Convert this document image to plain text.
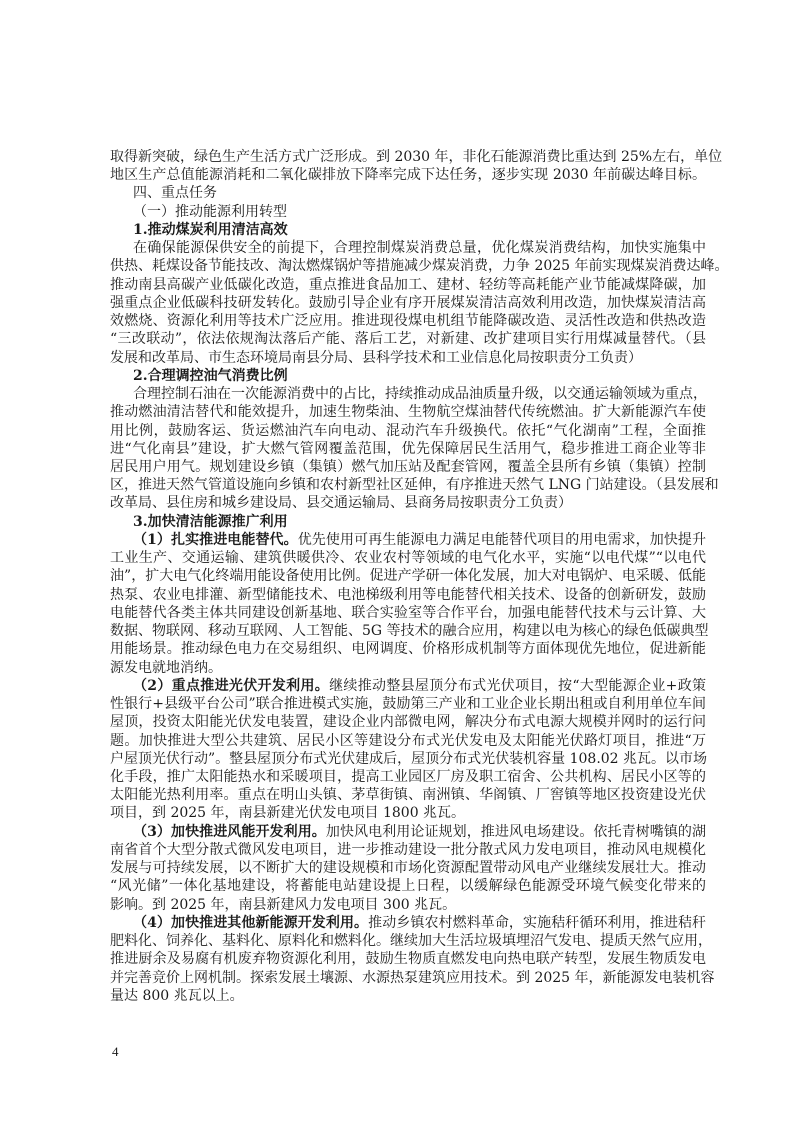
取得新突破，绿色生产生活方式广泛形成。到 2030 年，非化石能源消费比重达到 25%左右，单位
地区生产总值能源消耗和二氧化碳排放下降率完成下达任务，逐步实现 2030 年前碳达峰目标。
四、重点任务
（一）推动能源利用转型
1.推动煤炭利用清洁高效
在确保能源保供安全的前提下，合理控制煤炭消费总量，优化煤炭消费结构，加快实施集中
供热、耗煤设备节能技改、淘汰燃煤锅炉等措施减少煤炭消费，力争 2025 年前实现煤炭消费达峰。
推动南县高碳产业低碳化改造，重点推进食品加工、建材、轻纺等高耗能产业节能减煤降碳，加
强重点企业低碳科技研发转化。鼓励引导企业有序开展煤炭清洁高效利用改造，加快煤炭清洁高
效燃烧、资源化利用等技术广泛应用。推进现役煤电机组节能降碳改造、灵活性改造和供热改造
“三改联动”，依法依规淘汰落后产能、落后工艺，对新建、改扩建项目实行用煤减量替代。（县
发展和改革局、市生态环境局南县分局、县科学技术和工业信息化局按职责分工负责）
2.合理调控油气消费比例
合理控制石油在一次能源消费中的占比，持续推动成品油质量升级，以交通运输领域为重点，
推动燃油清洁替代和能效提升，加速生物柴油、生物航空煤油替代传统燃油。扩大新能源汽车使
用比例，鼓励客运、货运燃油汽车向电动、混动汽车升级换代。依托“气化湖南”工程，全面推
进“气化南县”建设，扩大燃气管网覆盖范围，优先保障居民生活用气，稳步推进工商企业等非
居民用户用气。规划建设乡镇（集镇）燃气加压站及配套管网，覆盖全县所有乡镇（集镇）控制
区，推进天然气管道设施向乡镇和农村新型社区延伸，有序推进天然气 LNG 门站建设。（县发展和
改革局、县住房和城乡建设局、县交通运输局、县商务局按职责分工负责）
3.加快清洁能源推广利用
（1）扎实推进电能替代。优先使用可再生能源电力满足电能替代项目的用电需求，加快提升
工业生产、交通运输、建筑供暖供冷、农业农村等领域的电气化水平，实施“以电代煤”“以电代
油”，扩大电气化终端用能设备使用比例。促进产学研一体化发展，加大对电锅炉、电采暖、低能
热泵、农业电排灌、新型储能技术、电池梯级利用等电能替代相关技术、设备的创新研发，鼓励
电能替代各类主体共同建设创新基地、联合实验室等合作平台，加强电能替代技术与云计算、大
数据、物联网、移动互联网、人工智能、5G 等技术的融合应用，构建以电为核心的绿色低碳典型
用能场景。推动绿色电力在交易组织、电网调度、价格形成机制等方面体现优先地位，促进新能
源发电就地消纳。
（2）重点推进光伏开发利用。继续推动整县屋顶分布式光伏项目，按“大型能源企业+政策
性银行+县级平台公司”联合推进模式实施，鼓励第三产业和工业企业长期出租或自利用单位车间
屋顶，投资太阳能光伏发电装置，建设企业内部微电网，解决分布式电源大规模并网时的运行问
题。加快推进大型公共建筑、居民小区等建设分布式光伏发电及太阳能光伏路灯项目，推进“万
户屋顶光伏行动”。整县屋顶分布式光伏建成后，屋顶分布式光伏装机容量 108.02 兆瓦。以市场
化手段，推广太阳能热水和采暖项目，提高工业园区厂房及职工宿舍、公共机构、居民小区等的
太阳能光热利用率。重点在明山头镇、茅草街镇、南洲镇、华阁镇、厂窖镇等地区投资建设光伏
项目，到 2025 年，南县新建光伏发电项目 1800 兆瓦。
（3）加快推进风能开发利用。加快风电利用论证规划，推进风电场建设。依托青树嘴镇的湖
南省首个大型分散式微风发电项目，进一步推动建设一批分散式风力发电项目，推动风电规模化
发展与可持续发展，以不断扩大的建设规模和市场化资源配置带动风电产业继续发展壮大。推动
“风光储”一体化基地建设，将蓄能电站建设提上日程，以缓解绿色能源受环境气候变化带来的
影响。到 2025 年，南县新建风力发电项目 300 兆瓦。
（4）加快推进其他新能源开发利用。推动乡镇农村燃料革命，实施秸秆循环利用，推进秸秆
肥料化、饲养化、基料化、原料化和燃料化。继续加大生活垃圾填埋沼气发电、提质天然气应用，
推进厨余及易腐有机废弃物资源化利用，鼓励生物质直燃发电向热电联产转型，发展生物质发电
并完善竞价上网机制。探索发展土壤源、水源热泵建筑应用技术。到 2025 年，新能源发电装机容
量达 800 兆瓦以上。
4
